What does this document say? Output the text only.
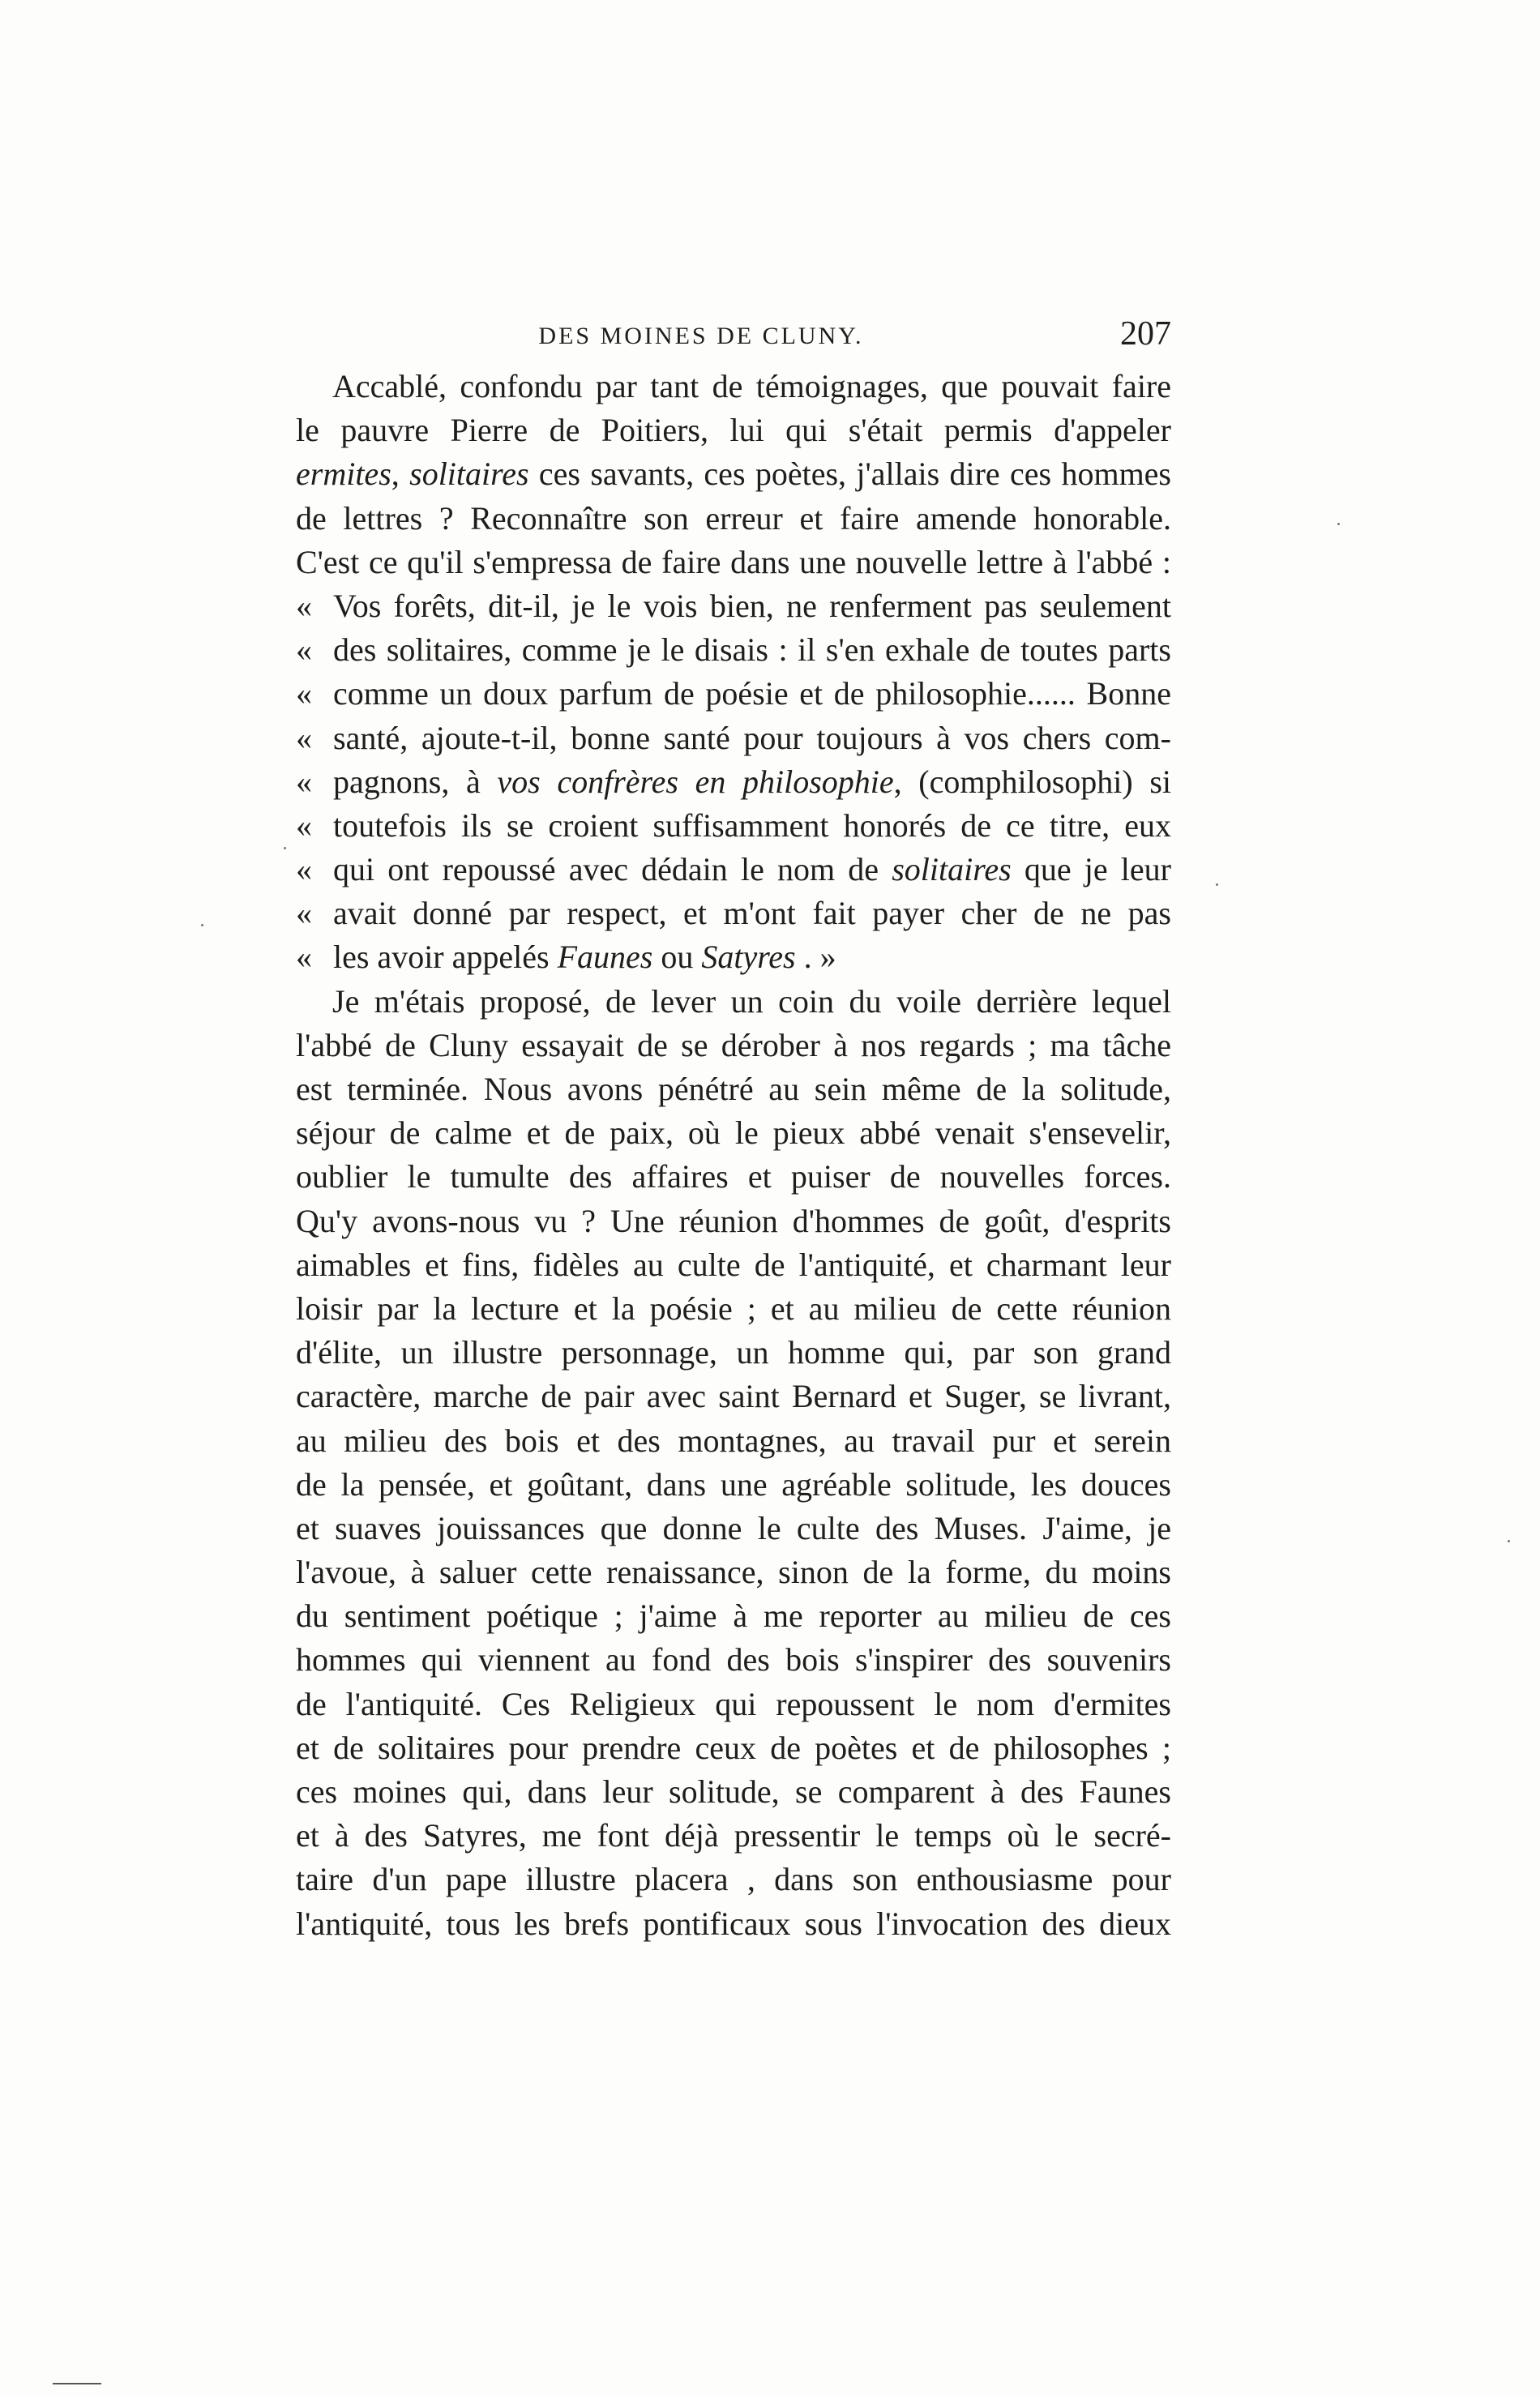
DES MOINES DE CLUNY.	207
Accablé, confondu par tant de témoignages, que pouvait faire
le pauvre Pierre de Poitiers, lui qui s'était permis d'appeler
ermites, solitaires ces savants, ces poètes, j'allais dire ces hommes
de lettres ? Reconnaître son erreur et faire amende honorable.
C'est ce qu'il s'empressa de faire dans une nouvelle lettre à l'abbé :
« Vos forêts, dit-il, je le vois bien, ne renferment pas seulement
« des solitaires, comme je le disais : il s'en exhale de toutes parts
« comme un doux parfum de poésie et de philosophie...... Bonne
« santé, ajoute-t-il, bonne santé pour toujours à vos chers com-
« pagnons, à vos confrères en philosophie, (comphilosophi) si
« toutefois ils se croient suffisamment honorés de ce titre, eux
« qui ont repoussé avec dédain le nom de solitaires que je leur
« avait donné par respect, et m'ont fait payer cher de ne pas
« les avoir appelés Faunes ou Satyres . »
Je m'étais proposé, de lever un coin du voile derrière lequel
l'abbé de Cluny essayait de se dérober à nos regards ; ma tâche
est terminée. Nous avons pénétré au sein même de la solitude,
séjour de calme et de paix, où le pieux abbé venait s'ensevelir,
oublier le tumulte des affaires et puiser de nouvelles forces.
Qu'y avons-nous vu ? Une réunion d'hommes de goût, d'esprits
aimables et fins, fidèles au culte de l'antiquité, et charmant leur
loisir par la lecture et la poésie ; et au milieu de cette réunion
d'élite, un illustre personnage, un homme qui, par son grand
caractère, marche de pair avec saint Bernard et Suger, se livrant,
au milieu des bois et des montagnes, au travail pur et serein
de la pensée, et goûtant, dans une agréable solitude, les douces
et suaves jouissances que donne le culte des Muses. J'aime, je
l'avoue, à saluer cette renaissance, sinon de la forme, du moins
du sentiment poétique ; j'aime à me reporter au milieu de ces
hommes qui viennent au fond des bois s'inspirer des souvenirs
de l'antiquité. Ces Religieux qui repoussent le nom d'ermites
et de solitaires pour prendre ceux de poètes et de philosophes ;
ces moines qui, dans leur solitude, se comparent à des Faunes
et à des Satyres, me font déjà pressentir le temps où le secré-
taire d'un pape illustre placera , dans son enthousiasme pour
l'antiquité, tous les brefs pontificaux sous l'invocation des dieux
